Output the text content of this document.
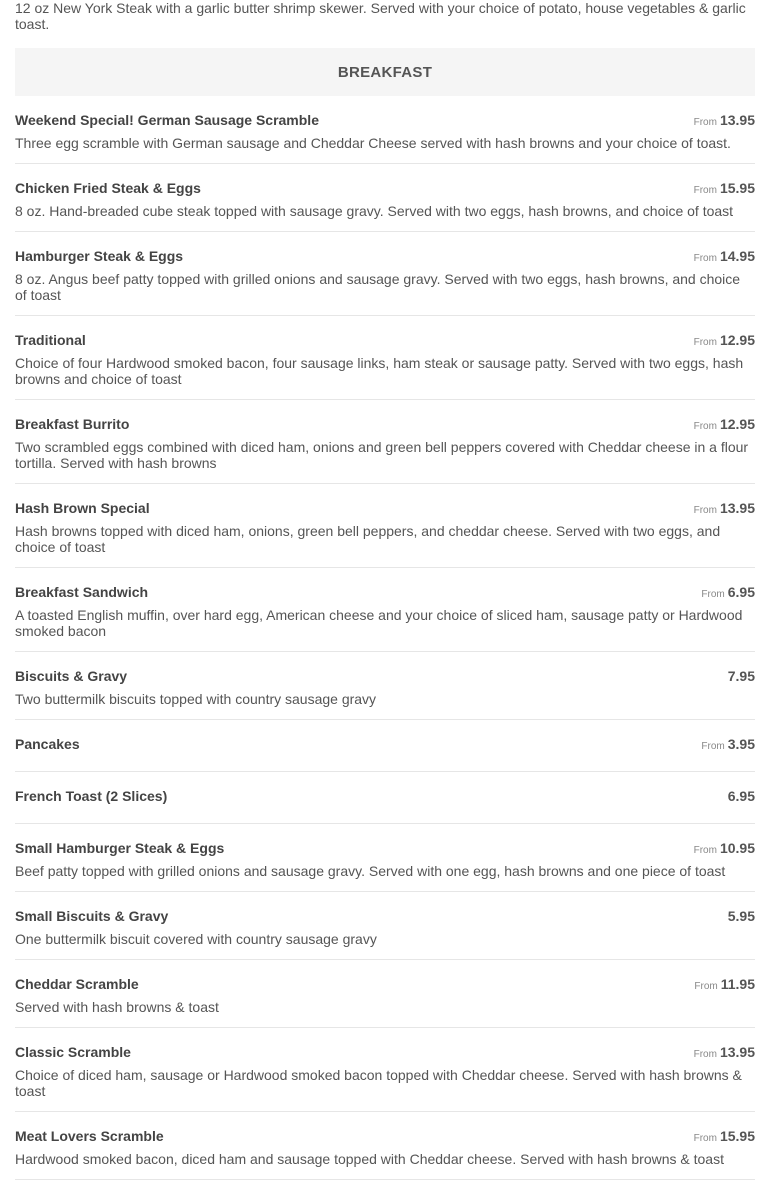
12 oz New York Steak with a garlic butter shrimp skewer. Served with your choice of potato, house vegetables & garlic toast.

BREAKFAST
Weekend Special! German Sausage Scramble	From 13.95
Three egg scramble with German sausage and Cheddar Cheese served with hash browns and your choice of toast.
Chicken Fried Steak & Eggs	From 15.95
8 oz. Hand-breaded cube steak topped with sausage gravy. Served with two eggs, hash browns, and choice of toast
Hamburger Steak & Eggs	From 14.95
8 oz. Angus beef patty topped with grilled onions and sausage gravy. Served with two eggs, hash browns, and choice of toast
Traditional	From 12.95
Choice of four Hardwood smoked bacon, four sausage links, ham steak or sausage patty. Served with two eggs, hash browns and choice of toast
Breakfast Burrito	From 12.95
Two scrambled eggs combined with diced ham, onions and green bell peppers covered with Cheddar cheese in a flour tortilla. Served with hash browns
Hash Brown Special	From 13.95
Hash browns topped with diced ham, onions, green bell peppers, and cheddar cheese. Served with two eggs, and choice of toast
Breakfast Sandwich	From 6.95
A toasted English muffin, over hard egg, American cheese and your choice of sliced ham, sausage patty or Hardwood smoked bacon
Biscuits & Gravy	7.95
Two buttermilk biscuits topped with country sausage gravy
Pancakes	From 3.95
French Toast (2 Slices)	6.95
Small Hamburger Steak & Eggs	From 10.95
Beef patty topped with grilled onions and sausage gravy. Served with one egg, hash browns and one piece of toast
Small Biscuits & Gravy	5.95
One buttermilk biscuit covered with country sausage gravy
Cheddar Scramble	From 11.95
Served with hash browns & toast
Classic Scramble	From 13.95
Choice of diced ham, sausage or Hardwood smoked bacon topped with Cheddar cheese. Served with hash browns & toast
Meat Lovers Scramble	From 15.95
Hardwood smoked bacon, diced ham and sausage topped with Cheddar cheese. Served with hash browns & toast
